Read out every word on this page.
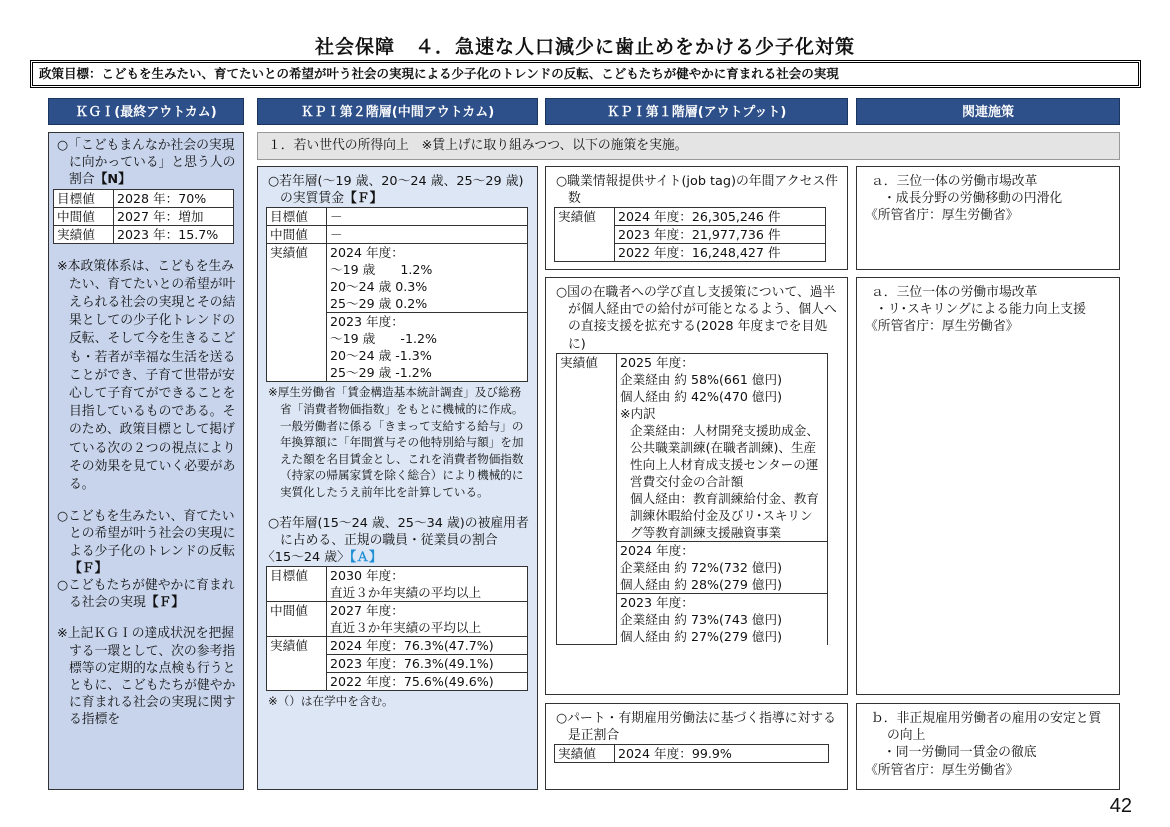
社会保障　４．急速な人口減少に歯止めをかける少子化対策
政策目標：こどもを生みたい、育てたいとの希望が叶う社会の実現による少子化のトレンドの反転、こどもたちが健やかに育まれる社会の実現
ＫＧＩ(最終アウトカム)	ＫＰＩ第２階層(中間アウトカム)	ＫＰＩ第１階層(アウトプット)	関連施策
○「こどもまんなか社会の実現に向かっている」と思う人の割合【N】
目標値	2028 年：70%
中間値	2027 年：増加
実績値	2023 年：15.7%
※本政策体系は、こどもを生みたい、育てたいとの希望が叶えられる社会の実現とその結果としての少子化トレンドの反転、そして今を生きるこども・若者が幸福な生活を送ることができ、子育て世帯が安心して子育てができることを目指しているものである。そのため、政策目標として掲げている次の２つの視点によりその効果を見ていく必要がある。
○こどもを生みたい、育てたいとの希望が叶う社会の実現による少子化のトレンドの反転【Ｆ】
○こどもたちが健やかに育まれる社会の実現【Ｆ】
※上記ＫＧＩの達成状況を把握する一環として、次の参考指標等の定期的な点検も行うとともに、こどもたちが健やかに育まれる社会の実現に関する指標を
１．若い世代の所得向上　※賃上げに取り組みつつ、以下の施策を実施。
○若年層(～19 歳、20～24 歳、25～29 歳)の実質賃金【Ｆ】
目標値	－
中間値	－
実績値	2024 年度：
～19 歳　　1.2%
20～24 歳 0.3%
25～29 歳 0.2%

	2023 年度：
～19 歳　　-1.2%
20～24 歳 -1.3%
25～29 歳 -1.2%
※厚生労働省「賃金構造基本統計調査」及び総務省「消費者物価指数」をもとに機械的に作成。一般労働者に係る「きまって支給する給与」の年換算額に「年間賞与その他特別給与額」を加えた額を名目賃金とし、これを消費者物価指数（持家の帰属家賃を除く総合）により機械的に実質化したうえ前年比を計算している。
○若年層(15～24 歳、25～34 歳)の被雇用者に占める、正規の職員・従業員の割合
〈15～24 歳〉【Ａ】
目標値	2030 年度：
直近３か年実績の平均以上

中間値	2027 年度：
直近３か年実績の平均以上

実績値	2024 年度：76.3%(47.7%)
	2023 年度：76.3%(49.1%)
	2022 年度：75.6%(49.6%)
※（）は在学中を含む。
○職業情報提供サイト(job tag)の年間アクセス件数
実績値	2024 年度：26,305,246 件
2023 年度：21,977,736 件
2022 年度：16,248,427 件
○国の在職者への学び直し支援策について、過半が個人経由での給付が可能となるよう、個人への直接支援を拡充する(2028 年度までを目処に)
実績値	2025 年度：
企業経由 約 58%(661 億円)
個人経由 約 42%(470 億円)
※内訳
企業経由：人材開発支援助成金、公共職業訓練(在職者訓練)、生産性向上人材育成支援センターの運営費交付金の合計額
個人経由：教育訓練給付金、教育訓練休暇給付金及びリ･スキリング等教育訓練支援融資事業

2024 年度：
企業経由 約 72%(732 億円)
個人経由 約 28%(279 億円)

2023 年度：
企業経由 約 73%(743 億円)
個人経由 約 27%(279 億円)
○パート・有期雇用労働法に基づく指導に対する是正割合
実績値	2024 年度：99.9%
ａ．三位一体の労働市場改革
・成長分野の労働移動の円滑化
《所管省庁：厚生労働省》
ａ．三位一体の労働市場改革
・リ･スキリングによる能力向上支援
《所管省庁：厚生労働省》
ｂ．非正規雇用労働者の雇用の安定と質の向上
・同一労働同一賃金の徹底
《所管省庁：厚生労働省》
42
